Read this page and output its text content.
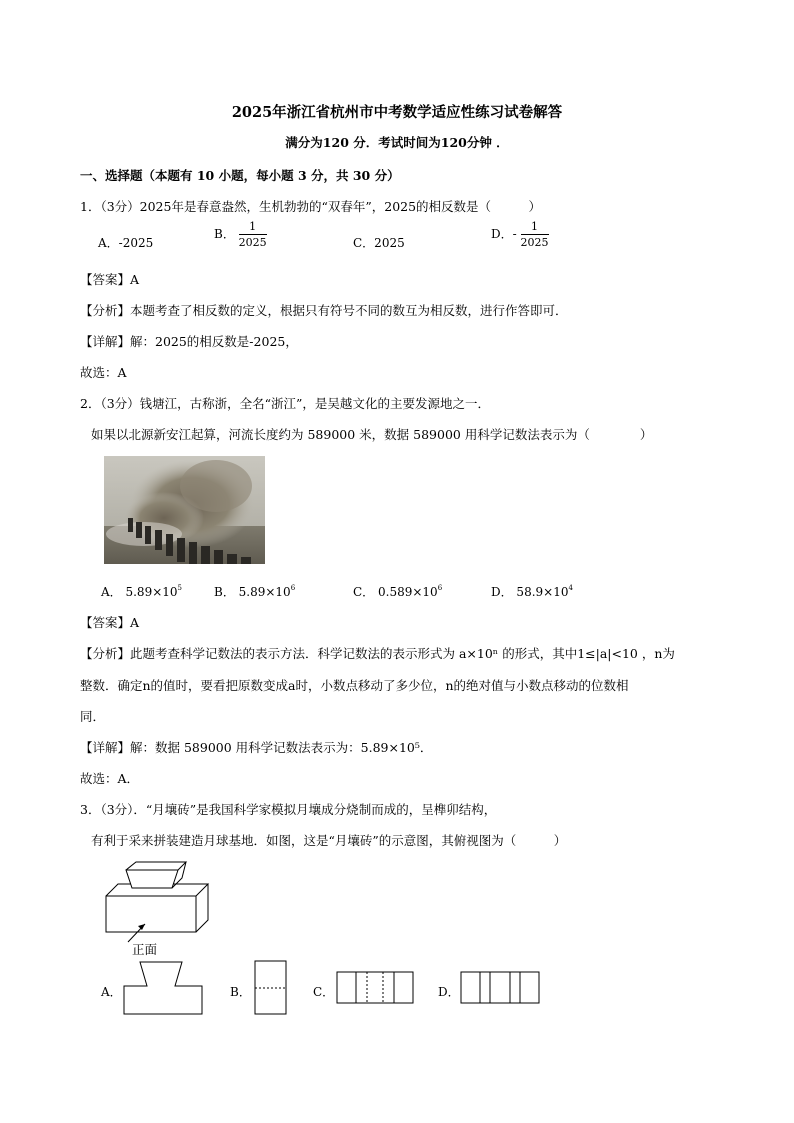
2025年浙江省杭州市中考数学适应性练习试卷解答
满分为120 分．考试时间为120分钟 ．
一、选择题（本题有 10 小题，每小题 3 分，共 30 分）
1．（3分）2025年是春意盎然，生机勃勃的“双春年”，2025的相反数是（　　　）
A．-2025
B． $\frac{1}{2025}$	C．2025
D．- $\frac{1}{2025}$
【答案】A
【分析】本题考查了相反数的定义，根据只有符号不同的数互为相反数，进行作答即可．
【详解】解：2025的相反数是-2025，
故选：A
2．（3分）钱塘江，古称浙，全名“浙江”，是吴越文化的主要发源地之一．
如果以北源新安江起算，河流长度约为 589000 米，数据 589000 用科学记数法表示为（　　　　）
A． $5.89\times 10^5$	B． $5.89\times 10^6$	C． $0.589\times 10^6$	D． $58.9\times 10^4$
【答案】A
【分析】此题考查科学记数法的表示方法．科学记数法的表示形式为 a×10ⁿ 的形式，其中1≤|a|<10 ，n为
整数．确定n的值时，要看把原数变成a时，小数点移动了多少位，n的绝对值与小数点移动的位数相
同．
【详解】解：数据 589000 用科学记数法表示为：5.89×10⁵．
故选：A．
3．（3分）．“月壤砖”是我国科学家模拟月壤成分烧制而成的，呈榫卯结构，
有利于采来拼装建造月球基地．如图，这是“月壤砖”的示意图，其俯视图为（　　　）
正面
A．	B．	C．	D．
